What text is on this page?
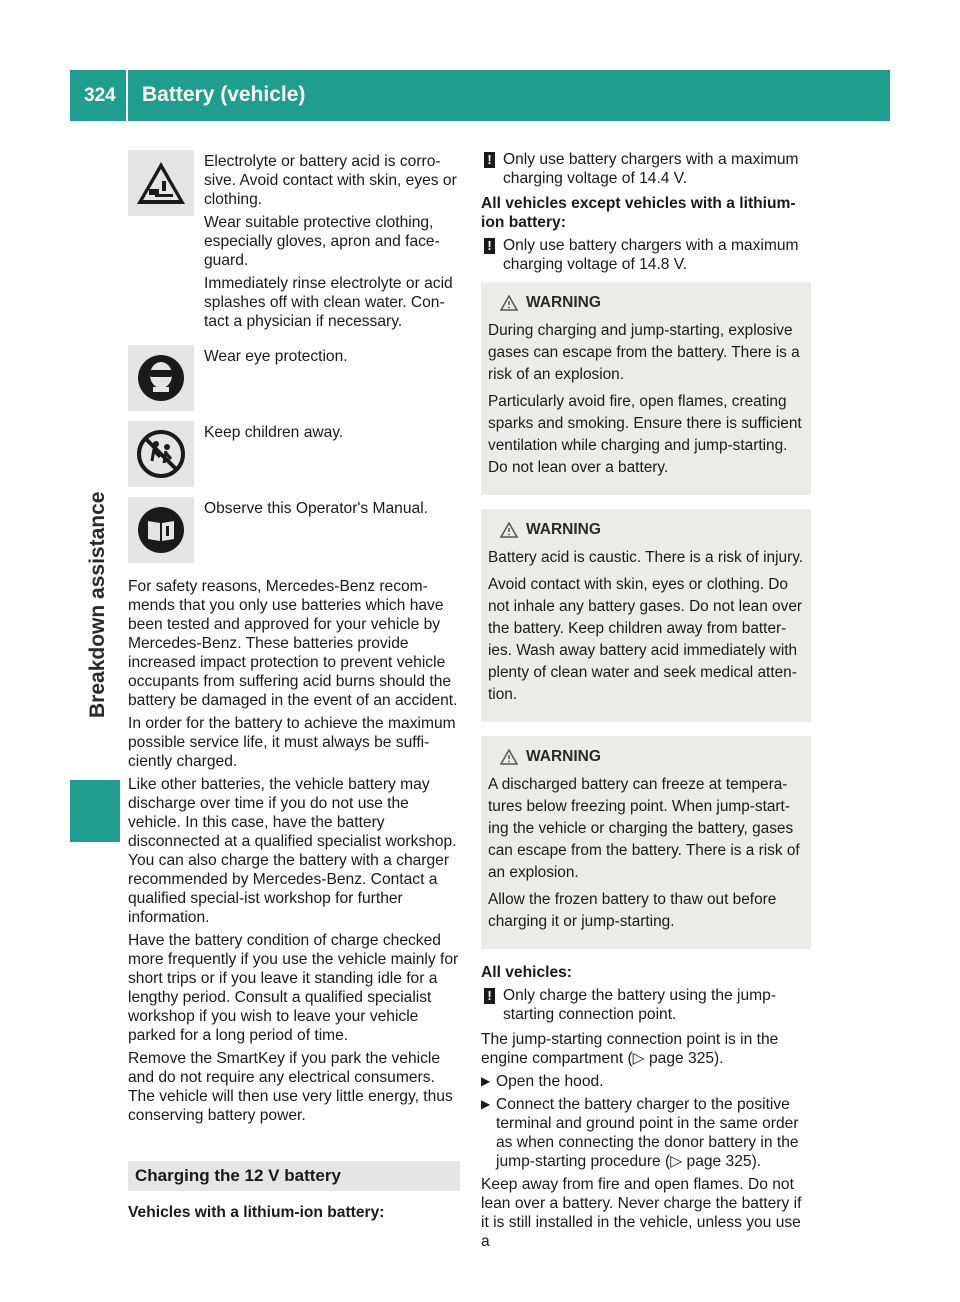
324 Battery (vehicle)
Breakdown assistance

Electrolyte or battery acid is corro-sive. Avoid contact with skin, eyes or clothing.

Wear suitable protective clothing, especially gloves, apron and face-guard.

Immediately rinse electrolyte or acid splashes off with clean water. Con-tact a physician if necessary.

Wear eye protection.

Keep children away.

Observe this Operator's Manual.

For safety reasons, Mercedes-Benz recom-mends that you only use batteries which have been tested and approved for your vehicle by Mercedes-Benz. These batteries provide increased impact protection to prevent vehicle occupants from suffering acid burns should the battery be damaged in the event of an accident.

In order for the battery to achieve the maximum possible service life, it must always be suffi-ciently charged.

Like other batteries, the vehicle battery may discharge over time if you do not use the vehicle. In this case, have the battery disconnected at a qualified specialist workshop. You can also charge the battery with a charger recommended by Mercedes-Benz. Contact a qualified special-ist workshop for further information.

Have the battery condition of charge checked more frequently if you use the vehicle mainly for short trips or if you leave it standing idle for a lengthy period. Consult a qualified specialist workshop if you wish to leave your vehicle parked for a long period of time.

Remove the SmartKey if you park the vehicle and do not require any electrical consumers. The vehicle will then use very little energy, thus conserving battery power.

Charging the 12 V battery

Vehicles with a lithium-ion battery:

! Only use battery chargers with a maximum charging voltage of 14.4 V.

All vehicles except vehicles with a lithium-ion battery:

! Only use battery chargers with a maximum charging voltage of 14.8 V.
WARNING

During charging and jump-starting, explosive gases can escape from the battery. There is a risk of an explosion.

Particularly avoid fire, open flames, creating sparks and smoking. Ensure there is sufficient ventilation while charging and jump-starting. Do not lean over a battery.

WARNING

Battery acid is caustic. There is a risk of injury.

Avoid contact with skin, eyes or clothing. Do not inhale any battery gases. Do not lean over the battery. Keep children away from batter-ies. Wash away battery acid immediately with plenty of clean water and seek medical atten-tion.

WARNING

A discharged battery can freeze at tempera-tures below freezing point. When jump-start-ing the vehicle or charging the battery, gases can escape from the battery. There is a risk of an explosion.

Allow the frozen battery to thaw out before charging it or jump-starting.

All vehicles:

! Only charge the battery using the jump-starting connection point.

The jump-starting connection point is in the engine compartment (▷ page 325).

▶ Open the hood.
▶ Connect the battery charger to the positive terminal and ground point in the same order as when connecting the donor battery in the jump-starting procedure (▷ page 325).

Keep away from fire and open flames. Do not lean over a battery. Never charge the battery if it is still installed in the vehicle, unless you use a
